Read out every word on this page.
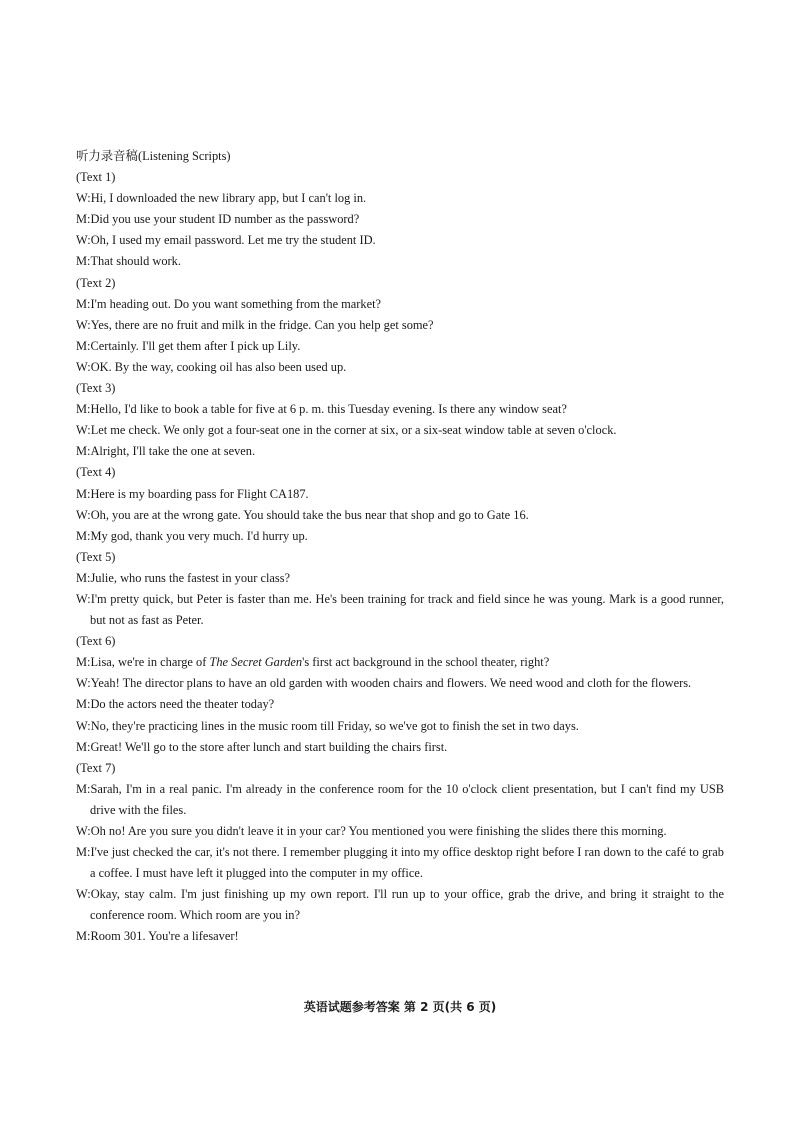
听力录音稿(Listening Scripts)
(Text 1)
W:Hi, I downloaded the new library app, but I can't log in.
M:Did you use your student ID number as the password?
W:Oh, I used my email password. Let me try the student ID.
M:That should work.
(Text 2)
M:I'm heading out. Do you want something from the market?
W:Yes, there are no fruit and milk in the fridge. Can you help get some?
M:Certainly. I'll get them after I pick up Lily.
W:OK. By the way, cooking oil has also been used up.
(Text 3)
M:Hello, I'd like to book a table for five at 6 p. m. this Tuesday evening. Is there any window seat?
W:Let me check. We only got a four-seat one in the corner at six, or a six-seat window table at seven o'clock.
M:Alright, I'll take the one at seven.
(Text 4)
M:Here is my boarding pass for Flight CA187.
W:Oh, you are at the wrong gate. You should take the bus near that shop and go to Gate 16.
M:My god, thank you very much. I'd hurry up.
(Text 5)
M:Julie, who runs the fastest in your class?
W:I'm pretty quick, but Peter is faster than me. He's been training for track and field since he was young. Mark is a good runner, but not as fast as Peter.
(Text 6)
M:Lisa, we're in charge of The Secret Garden's first act background in the school theater, right?
W:Yeah! The director plans to have an old garden with wooden chairs and flowers. We need wood and cloth for the flowers.
M:Do the actors need the theater today?
W:No, they're practicing lines in the music room till Friday, so we've got to finish the set in two days.
M:Great! We'll go to the store after lunch and start building the chairs first.
(Text 7)
M:Sarah, I'm in a real panic. I'm already in the conference room for the 10 o'clock client presentation, but I can't find my USB drive with the files.
W:Oh no! Are you sure you didn't leave it in your car? You mentioned you were finishing the slides there this morning.
M:I've just checked the car, it's not there. I remember plugging it into my office desktop right before I ran down to the café to grab a coffee. I must have left it plugged into the computer in my office.
W:Okay, stay calm. I'm just finishing up my own report. I'll run up to your office, grab the drive, and bring it straight to the conference room. Which room are you in?
M:Room 301. You're a lifesaver!
英语试题参考答案 第 2 页(共 6 页)
